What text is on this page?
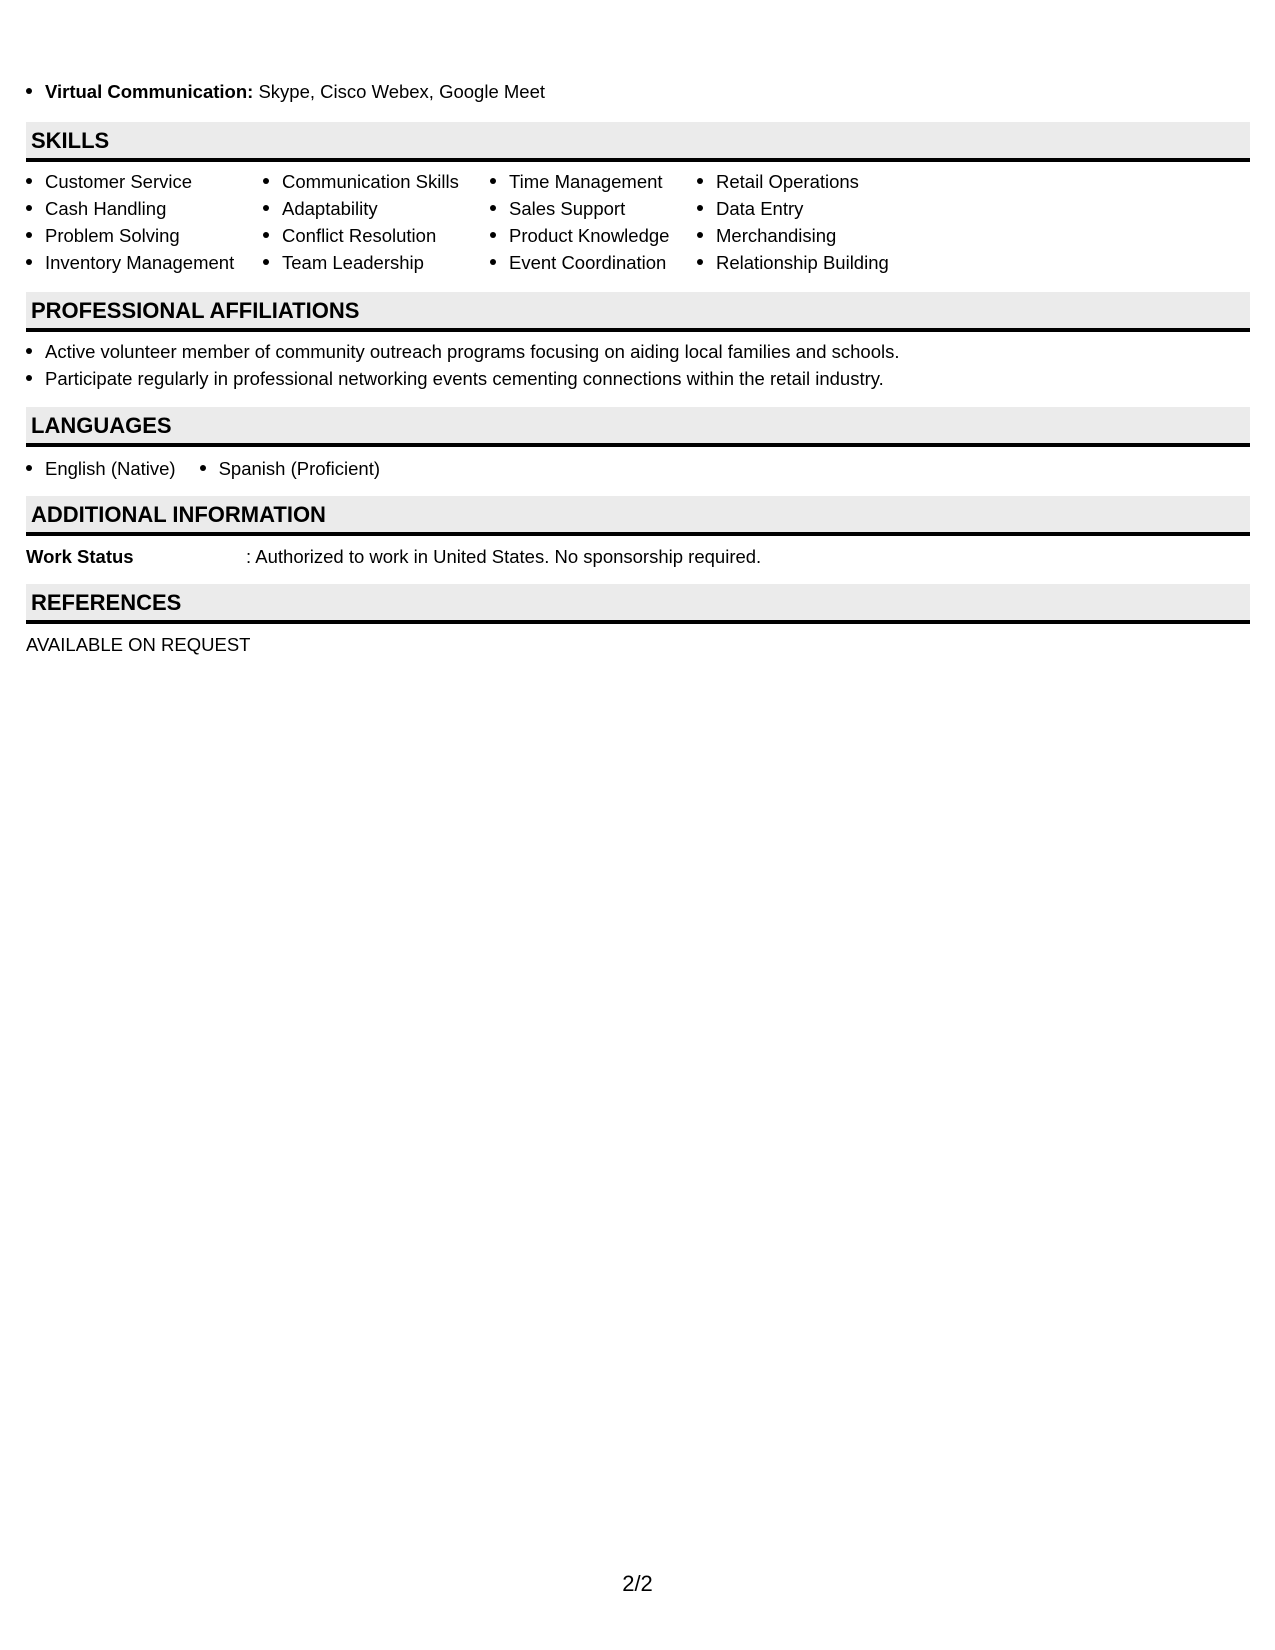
Virtual Communication: Skype, Cisco Webex, Google Meet
SKILLS
Customer Service
Cash Handling
Problem Solving
Inventory Management
Communication Skills
Adaptability
Conflict Resolution
Team Leadership
Time Management
Sales Support
Product Knowledge
Event Coordination
Retail Operations
Data Entry
Merchandising
Relationship Building
PROFESSIONAL AFFILIATIONS
Active volunteer member of community outreach programs focusing on aiding local families and schools.
Participate regularly in professional networking events cementing connections within the retail industry.
LANGUAGES
English (Native) Spanish (Proficient)
ADDITIONAL INFORMATION
Work Status	: Authorized to work in United States. No sponsorship required.
REFERENCES
AVAILABLE ON REQUEST
2/2
